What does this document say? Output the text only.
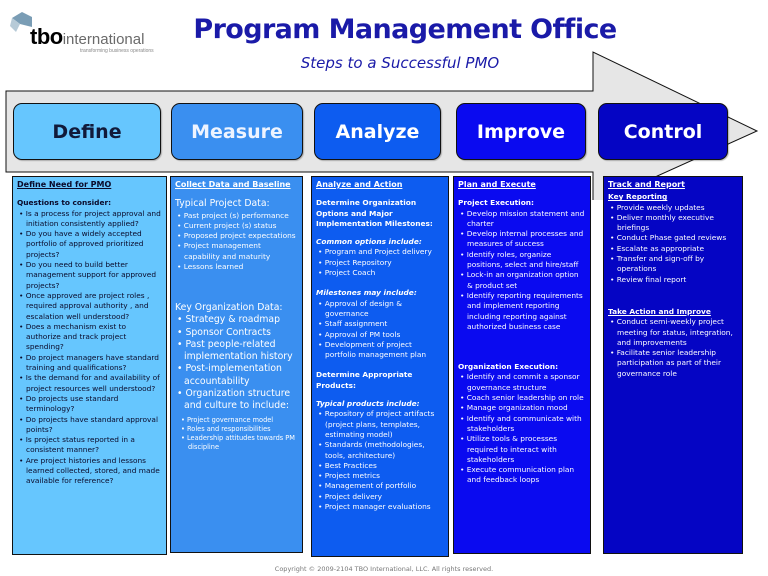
tbointernational
transforming business operations
Program Management Office
Steps to a Successful PMO
Define	Measure	Analyze	Improve	Control
Define Need for PMO
Questions to consider:
• Is a process for project approval and initiation consistently applied?
• Do you have a widely accepted portfolio of approved prioritized projects?
• Do you need to build better management support for approved projects?
• Once approved are project roles , required approval authority , and escalation well understood?
• Does a mechanism exist to authorize and track project spending?
• Do project managers have standard training and qualifications?
• Is the demand for and availability of project resources well understood?
• Do projects use standard terminology?
• Do projects have standard approval points?
• Is project status reported in a consistent manner?
• Are project histories and lessons learned collected, stored, and made available for reference?
Collect Data and Baseline
Typical Project Data:
• Past project (s) performance
• Current project (s) status
• Proposed project expectations
• Project management capability and maturity
• Lessons learned
Key Organization Data:
• Strategy & roadmap
• Sponsor Contracts
• Past people-related implementation history
• Post-implementation accountability
• Organization structure and culture to include:
• Project governance model
• Roles and responsibilities
• Leadership attitudes towards PM discipline
Analyze and Action
Determine Organization Options and Major Implementation Milestones:
Common options include:
• Program and Project delivery
• Project Repository
• Project Coach
Milestones may include:
• Approval of design & governance
• Staff assignment
• Approval of PM tools
• Development of project portfolio management plan
Determine Appropriate Products:
Typical products include:
• Repository of project artifacts (project plans, templates, estimating model)
• Standards (methodologies, tools, architecture)
• Best Practices
• Project metrics
• Management of portfolio
• Project delivery
• Project manager evaluations
Plan and Execute
Project Execution:
• Develop mission statement and charter
• Develop internal processes and measures of success
• Identify roles, organize positions, select and hire/staff
• Lock-in an organization option & product set
• Identify reporting requirements and implement reporting including reporting against authorized business case
Organization Execution:
• Identify and commit a sponsor governance structure
• Coach senior leadership on role
• Manage organization mood
• Identify and communicate with stakeholders
• Utilize tools & processes required to interact with stakeholders
• Execute communication plan and feedback loops
Track and Report
Key Reporting
• Provide weekly updates
• Deliver monthly executive briefings
• Conduct Phase gated reviews
• Escalate as appropriate
• Transfer and sign-off by operations
• Review final report
Take Action and Improve
• Conduct semi-weekly project meeting for status, integration, and improvements
• Facilitate senior leadership participation as part of their governance role
Copyright © 2009-2104 TBO International, LLC. All rights reserved.
